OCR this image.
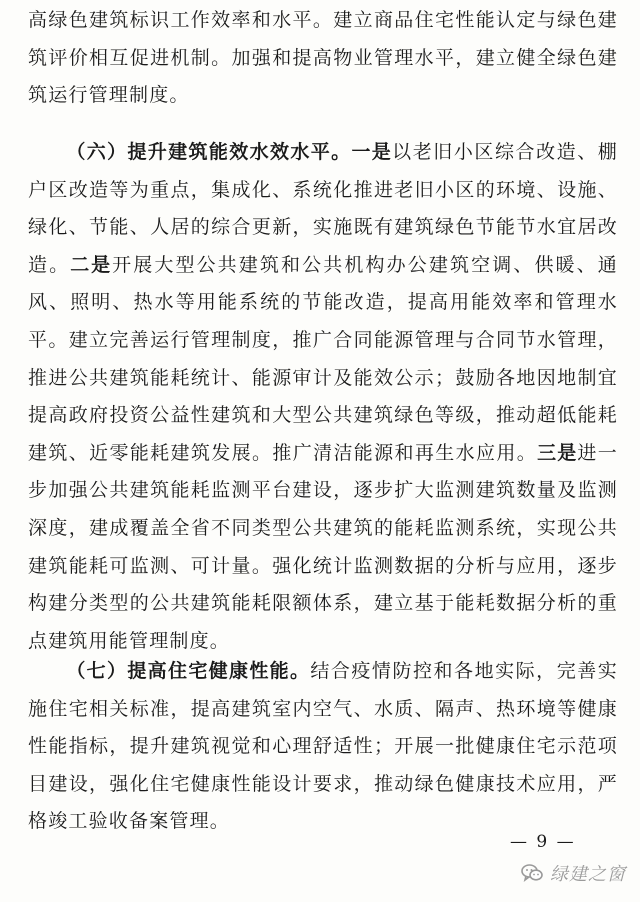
高绿色建筑标识工作效率和水平。建立商品住宅性能认定与绿色建筑评价相互促进机制。加强和提高物业管理水平，建立健全绿色建筑运行管理制度。

（六）提升建筑能效水效水平。一是以老旧小区综合改造、棚户区改造等为重点，集成化、系统化推进老旧小区的环境、设施、绿化、节能、人居的综合更新，实施既有建筑绿色节能节水宜居改造。二是开展大型公共建筑和公共机构办公建筑空调、供暖、通风、照明、热水等用能系统的节能改造，提高用能效率和管理水平。建立完善运行管理制度，推广合同能源管理与合同节水管理，推进公共建筑能耗统计、能源审计及能效公示；鼓励各地因地制宜提高政府投资公益性建筑和大型公共建筑绿色等级，推动超低能耗建筑、近零能耗建筑发展。推广清洁能源和再生水应用。三是进一步加强公共建筑能耗监测平台建设，逐步扩大监测建筑数量及监测深度，建成覆盖全省不同类型公共建筑的能耗监测系统，实现公共建筑能耗可监测、可计量。强化统计监测数据的分析与应用，逐步构建分类型的公共建筑能耗限额体系，建立基于能耗数据分析的重点建筑用能管理制度。

（七）提高住宅健康性能。结合疫情防控和各地实际，完善实施住宅相关标准，提高建筑室内空气、水质、隔声、热环境等健康性能指标，提升建筑视觉和心理舒适性；开展一批健康住宅示范项目建设，强化住宅健康性能设计要求，推动绿色健康技术应用，严格竣工验收备案管理。

— 9 —
绿建之窗
